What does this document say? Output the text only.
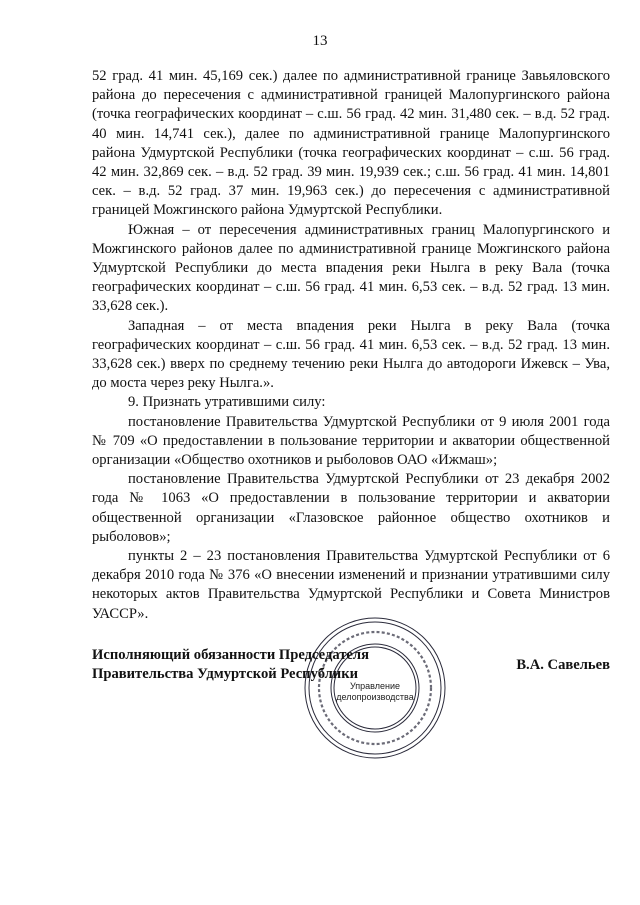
13

52 град. 41 мин. 45,169 сек.) далее по административной границе Завьяловского района до пересечения с административной границей Малопургинского района (точка географических координат – с.ш. 56 град. 42 мин. 31,480 сек. – в.д. 52 град. 40 мин. 14,741 сек.), далее по административной границе Малопургинского района Удмуртской Республики (точка географических координат – с.ш. 56 град. 42 мин. 32,869 сек. – в.д. 52 град. 39 мин. 19,939 сек.; с.ш. 56 град. 41 мин. 14,801 сек. – в.д. 52 град. 37 мин. 19,963 сек.) до пересечения с административной границей Можгинского района Удмуртской Республики.

Южная – от пересечения административных границ Малопургинского и Можгинского районов далее по административной границе Можгинского района Удмуртской Республики до места впадения реки Нылга в реку Вала (точка географических координат – с.ш. 56 град. 41 мин. 6,53 сек. – в.д. 52 град. 13 мин. 33,628 сек.).

Западная – от места впадения реки Нылга в реку Вала (точка географических координат – с.ш. 56 град. 41 мин. 6,53 сек. – в.д. 52 град. 13 мин. 33,628 сек.) вверх по среднему течению реки Нылга до автодороги Ижевск – Ува, до моста через реку Нылга.».

9. Признать утратившими силу:

постановление Правительства Удмуртской Республики от 9 июля 2001 года № 709 «О предоставлении в пользование территории и акватории общественной организации «Общество охотников и рыболовов ОАО «Ижмаш»;

постановление Правительства Удмуртской Республики от 23 декабря 2002 года № 1063 «О предоставлении в пользование территории и акватории общественной организации «Глазовское районное общество охотников и рыболовов»;

пункты 2 – 23 постановления Правительства Удмуртской Республики от 6 декабря 2010 года № 376 «О внесении изменений и признании утратившими силу некоторых актов Правительства Удмуртской Республики и Совета Министров УАССР».

Управление
делопроизводства
Исполняющий обязанности Председателя
Правительства Удмуртской Республики
В.А. Савельев
